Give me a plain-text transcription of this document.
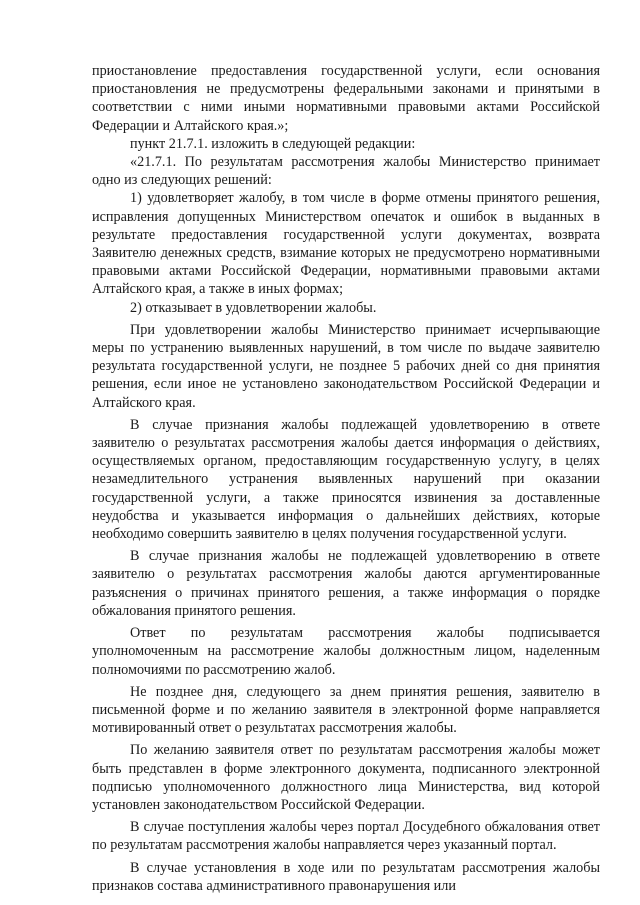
приостановление предоставления государственной услуги, если основания приостановления не предусмотрены федеральными законами и принятыми в соответствии с ними иными нормативными правовыми актами Российской Федерации и Алтайского края.»;

пункт 21.7.1. изложить в следующей редакции:

«21.7.1. По результатам рассмотрения жалобы Министерство принимает одно из следующих решений:

1) удовлетворяет жалобу, в том числе в форме отмены принятого решения, исправления допущенных Министерством опечаток и ошибок в выданных в результате предоставления государственной услуги документах, возврата Заявителю денежных средств, взимание которых не предусмотрено нормативными правовыми актами Российской Федерации, нормативными правовыми актами Алтайского края, а также в иных формах;

2) отказывает в удовлетворении жалобы.

При удовлетворении жалобы Министерство принимает исчерпывающие меры по устранению выявленных нарушений, в том числе по выдаче заявителю результата государственной услуги, не позднее 5 рабочих дней со дня принятия решения, если иное не установлено законодательством Российской Федерации и Алтайского края.

В случае признания жалобы подлежащей удовлетворению в ответе заявителю о результатах рассмотрения жалобы дается информация о действиях, осуществляемых органом, предоставляющим государственную услугу, в целях незамедлительного устранения выявленных нарушений при оказании государственной услуги, а также приносятся извинения за доставленные неудобства и указывается информация о дальнейших действиях, которые необходимо совершить заявителю в целях получения государственной услуги.

В случае признания жалобы не подлежащей удовлетворению в ответе заявителю о результатах рассмотрения жалобы даются аргументированные разъяснения о причинах принятого решения, а также информация о порядке обжалования принятого решения.

Ответ по результатам рассмотрения жалобы подписывается уполномоченным на рассмотрение жалобы должностным лицом, наделенным полномочиями по рассмотрению жалоб.

Не позднее дня, следующего за днем принятия решения, заявителю в письменной форме и по желанию заявителя в электронной форме направляется мотивированный ответ о результатах рассмотрения жалобы.

По желанию заявителя ответ по результатам рассмотрения жалобы может быть представлен в форме электронного документа, подписанного электронной подписью уполномоченного должностного лица Министерства, вид которой установлен законодательством Российской Федерации.

В случае поступления жалобы через портал Досудебного обжалования ответ по результатам рассмотрения жалобы направляется через указанный портал.

В случае установления в ходе или по результатам рассмотрения жалобы признаков состава административного правонарушения или
